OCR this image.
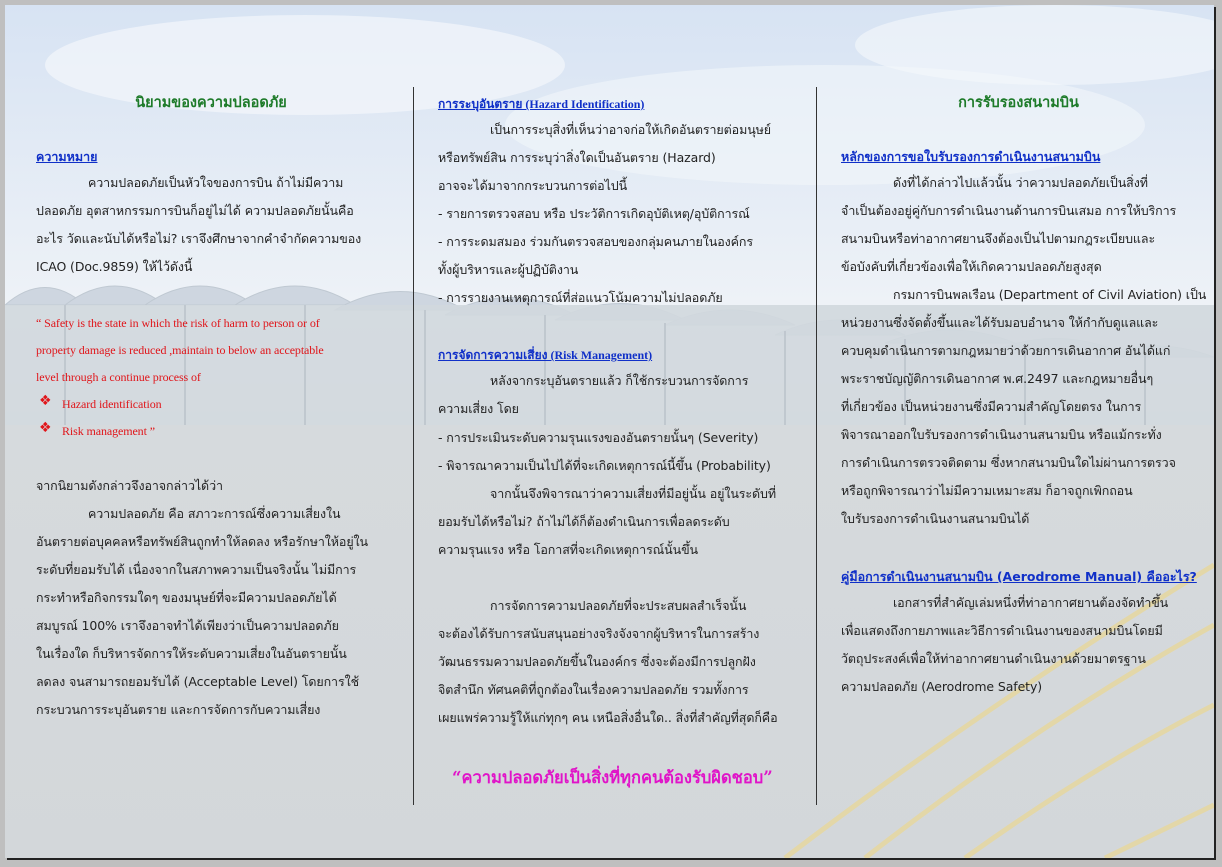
นิยามของความปลอดภัย
ความหมาย
ความปลอดภัยเป็นหัวใจของการบิน ถ้าไม่มีความ
ปลอดภัย อุตสาหกรรมการบินก็อยู่ไม่ได้ ความปลอดภัยนั้นคือ
อะไร วัดและนับได้หรือไม่? เราจึงศึกษาจากคำจำกัดความของ
ICAO (Doc.9859) ให้ไว้ดังนี้
“ Safety is the state in which the risk of harm to person or of
property damage is reduced ,maintain to below an acceptable
level through a continue process of
❖ Hazard identification
❖ Risk management ”
จากนิยามดังกล่าวจึงอาจกล่าวได้ว่า
ความปลอดภัย คือ สภาวะการณ์ซึ่งความเสี่ยงใน
อันตรายต่อบุคคลหรือทรัพย์สินถูกทำให้ลดลง หรือรักษาให้อยู่ใน
ระดับที่ยอมรับได้ เนื่องจากในสภาพความเป็นจริงนั้น ไม่มีการ
กระทำหรือกิจกรรมใดๆ ของมนุษย์ที่จะมีความปลอดภัยได้
สมบูรณ์ 100% เราจึงอาจทำได้เพียงว่าเป็นความปลอดภัย
ในเรื่องใด ก็บริหารจัดการให้ระดับความเสี่ยงในอันตรายนั้น
ลดลง จนสามารถยอมรับได้ (Acceptable Level) โดยการใช้
กระบวนการระบุอันตราย และการจัดการกับความเสี่ยง
การระบุอันตราย (Hazard Identification)
เป็นการระบุสิ่งที่เห็นว่าอาจก่อให้เกิดอันตรายต่อมนุษย์
หรือทรัพย์สิน การระบุว่าสิ่งใดเป็นอันตราย (Hazard)
อาจจะได้มาจากกระบวนการต่อไปนี้
- รายการตรวจสอบ หรือ ประวัติการเกิดอุบัติเหตุ/อุบัติการณ์
- การระดมสมอง ร่วมกันตรวจสอบของกลุ่มคนภายในองค์กร
ทั้งผู้บริหารและผู้ปฏิบัติงาน
- การรายงานเหตุการณ์ที่ส่อแนวโน้มความไม่ปลอดภัย
การจัดการความเสี่ยง (Risk Management)
หลังจากระบุอันตรายแล้ว ก็ใช้กระบวนการจัดการ
ความเสี่ยง โดย
- การประเมินระดับความรุนแรงของอันตรายนั้นๆ (Severity)
- พิจารณาความเป็นไปได้ที่จะเกิดเหตุการณ์นี้ขึ้น (Probability)
จากนั้นจึงพิจารณาว่าความเสี่ยงที่มีอยู่นั้น อยู่ในระดับที่
ยอมรับได้หรือไม่? ถ้าไม่ได้ก็ต้องดำเนินการเพื่อลดระดับ
ความรุนแรง หรือ โอกาสที่จะเกิดเหตุการณ์นั้นขึ้น
การจัดการความปลอดภัยที่จะประสบผลสำเร็จนั้น
จะต้องได้รับการสนับสนุนอย่างจริงจังจากผู้บริหารในการสร้าง
วัฒนธรรมความปลอดภัยขึ้นในองค์กร ซึ่งจะต้องมีการปลูกฝัง
จิตสำนึก ทัศนคติที่ถูกต้องในเรื่องความปลอดภัย รวมทั้งการ
เผยแพร่ความรู้ให้แก่ทุกๆ คน เหนือสิ่งอื่นใด.. สิ่งที่สำคัญที่สุดก็คือ
“ความปลอดภัยเป็นสิ่งที่ทุกคนต้องรับผิดชอบ”
การรับรองสนามบิน
หลักของการขอใบรับรองการดำเนินงานสนามบิน
ดังที่ได้กล่าวไปแล้วนั้น ว่าความปลอดภัยเป็นสิ่งที่
จำเป็นต้องอยู่คู่กับการดำเนินงานด้านการบินเสมอ การให้บริการ
สนามบินหรือท่าอากาศยานจึงต้องเป็นไปตามกฎระเบียบและ
ข้อบังคับที่เกี่ยวข้องเพื่อให้เกิดความปลอดภัยสูงสุด
กรมการบินพลเรือน (Department of Civil Aviation) เป็น
หน่วยงานซึ่งจัดตั้งขึ้นและได้รับมอบอำนาจ ให้กำกับดูแลและ
ควบคุมดำเนินการตามกฎหมายว่าด้วยการเดินอากาศ อันได้แก่
พระราชบัญญัติการเดินอากาศ พ.ศ.2497 และกฎหมายอื่นๆ
ที่เกี่ยวข้อง เป็นหน่วยงานซึ่งมีความสำคัญโดยตรง ในการ
พิจารณาออกใบรับรองการดำเนินงานสนามบิน หรือแม้กระทั่ง
การดำเนินการตรวจติดตาม ซึ่งหากสนามบินใดไม่ผ่านการตรวจ
หรือถูกพิจารณาว่าไม่มีความเหมาะสม ก็อาจถูกเพิกถอน
ใบรับรองการดำเนินงานสนามบินได้
คู่มือการดำเนินงานสนามบิน (Aerodrome Manual) คืออะไร?
เอกสารที่สำคัญเล่มหนึ่งที่ท่าอากาศยานต้องจัดทำขึ้น
เพื่อแสดงถึงกายภาพและวิธีการดำเนินงานของสนามบินโดยมี
วัตถุประสงค์เพื่อให้ท่าอากาศยานดำเนินงานด้วยมาตรฐาน
ความปลอดภัย (Aerodrome Safety)
